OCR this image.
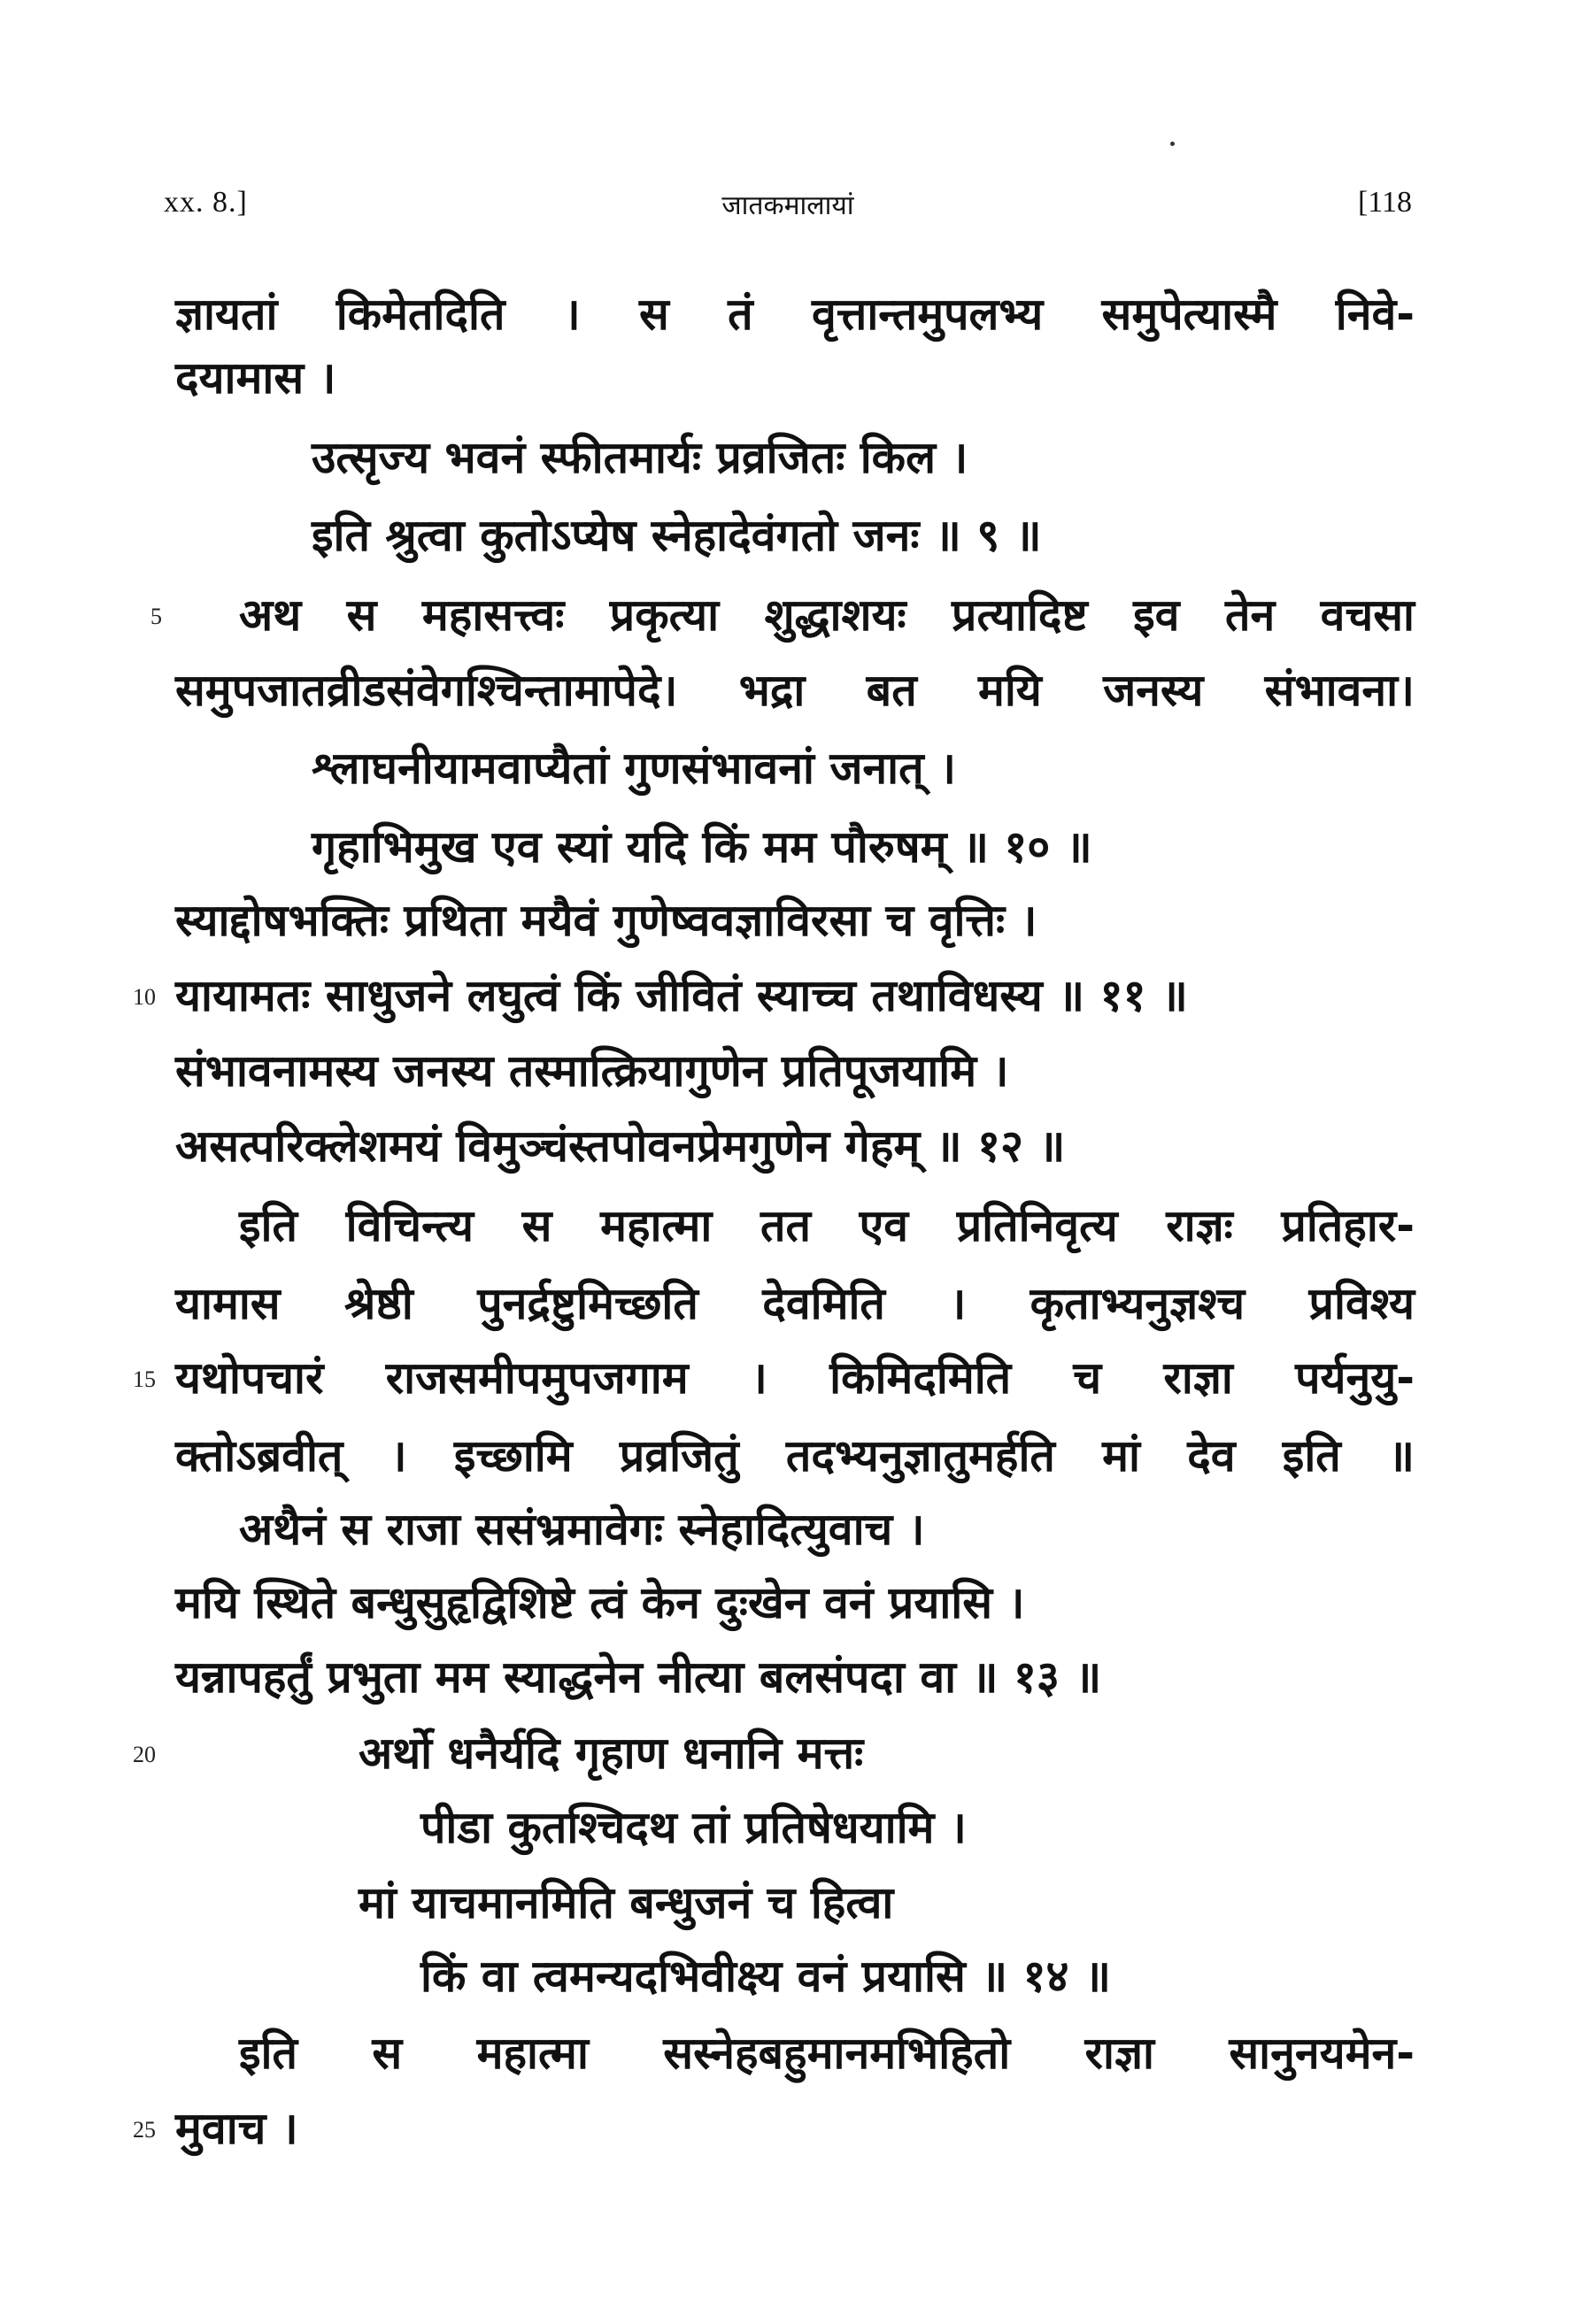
xx. 8.]	जातकमालायां	[118
ज्ञायतां किमेतदिति । स तं वृत्तान्तमुपलभ्य समुपेत्यास्मै निवे-
दयामास ।
उत्सृज्य भवनं स्फीतमार्यः प्रव्रजितः किल ।
इति श्रुत्वा कुतोऽप्येष स्नेहादेवंगतो जनः ॥ ९ ॥
5 अथ स महासत्त्वः प्रकृत्या शुद्धाशयः प्रत्यादिष्ट इव तेन वचसा
समुपजातव्रीडसंवेगश्चिन्तामापेदे। भद्रा बत मयि जनस्य संभावना।
श्लाघनीयामवाप्यैतां गुणसंभावनां जनात् ।
गृहाभिमुख एव स्यां यदि किं मम पौरुषम् ॥ १० ॥
स्याद्दोषभक्तिः प्रथिता मयैवं गुणेष्ववज्ञाविरसा च वृत्तिः ।
10 यायामतः साधुजने लघुत्वं किं जीवितं स्याच्च तथाविधस्य ॥ ११ ॥
संभावनामस्य जनस्य तस्मात्क्रियागुणेन प्रतिपूजयामि ।
असत्परिक्लेशमयं विमुञ्चंस्तपोवनप्रेमगुणेन गेहम् ॥ १२ ॥
इति विचिन्त्य स महात्मा तत एव प्रतिनिवृत्य राज्ञः प्रतिहार-
यामास श्रेष्ठी पुनर्द्रष्टुमिच्छति देवमिति । कृताभ्यनुज्ञश्च प्रविश्य
15 यथोपचारं राजसमीपमुपजगाम । किमिदमिति च राज्ञा पर्यनुयु-
क्तोऽब्रवीत् । इच्छामि प्रव्रजितुं तदभ्यनुज्ञातुमर्हति मां देव इति ॥
अथैनं स राजा ससंभ्रमावेगः स्नेहादित्युवाच ।
मयि स्थिते बन्धुसुहृद्विशिष्टे त्वं केन दुःखेन वनं प्रयासि ।
यन्नापहर्तुं प्रभुता मम स्याद्धनेन नीत्या बलसंपदा वा ॥ १३ ॥
20	अर्थो धनैर्यदि गृहाण धनानि मत्तः
पीडा कुतश्चिदथ तां प्रतिषेधयामि ।
मां याचमानमिति बन्धुजनं च हित्वा
किं वा त्वमन्यदभिवीक्ष्य वनं प्रयासि ॥ १४ ॥
इति स महात्मा सस्नेहबहुमानमभिहितो राज्ञा सानुनयमेन-
25 मुवाच ।
